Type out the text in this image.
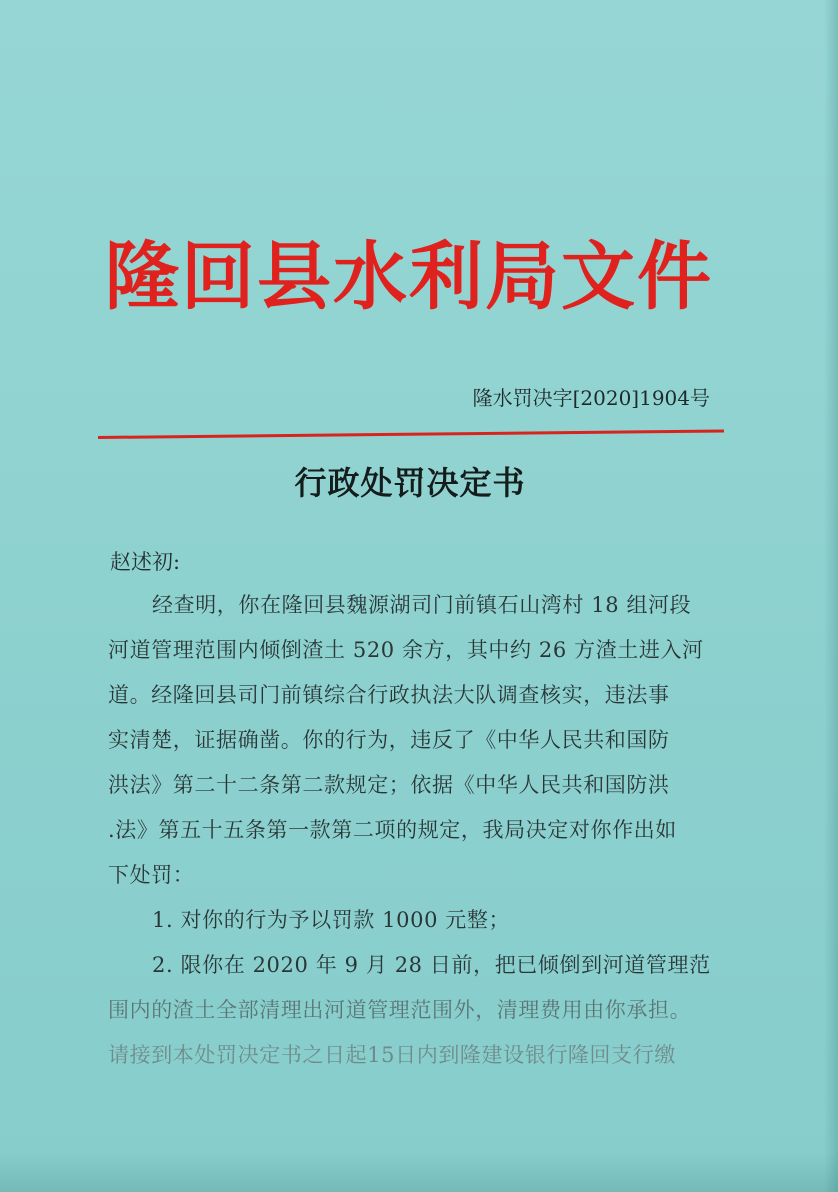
隆回县水利局文件
隆水罚决字[2020]1904号
行政处罚决定书
赵述初:
经查明，你在隆回县魏源湖司门前镇石山湾村 18 组河段
河道管理范围内倾倒渣土 520 余方，其中约 26 方渣土进入河
道。经隆回县司门前镇综合行政执法大队调查核实，违法事
实清楚，证据确凿。你的行为，违反了《中华人民共和国防
洪法》第二十二条第二款规定；依据《中华人民共和国防洪
.法》第五十五条第一款第二项的规定，我局决定对你作出如
下处罚：
1. 对你的行为予以罚款 1000 元整；
2. 限你在 2020 年 9 月 28 日前，把已倾倒到河道管理范
围内的渣土全部清理出河道管理范围外，清理费用由你承担。
请接到本处罚决定书之日起15日内到隆建设银行隆回支行缴
